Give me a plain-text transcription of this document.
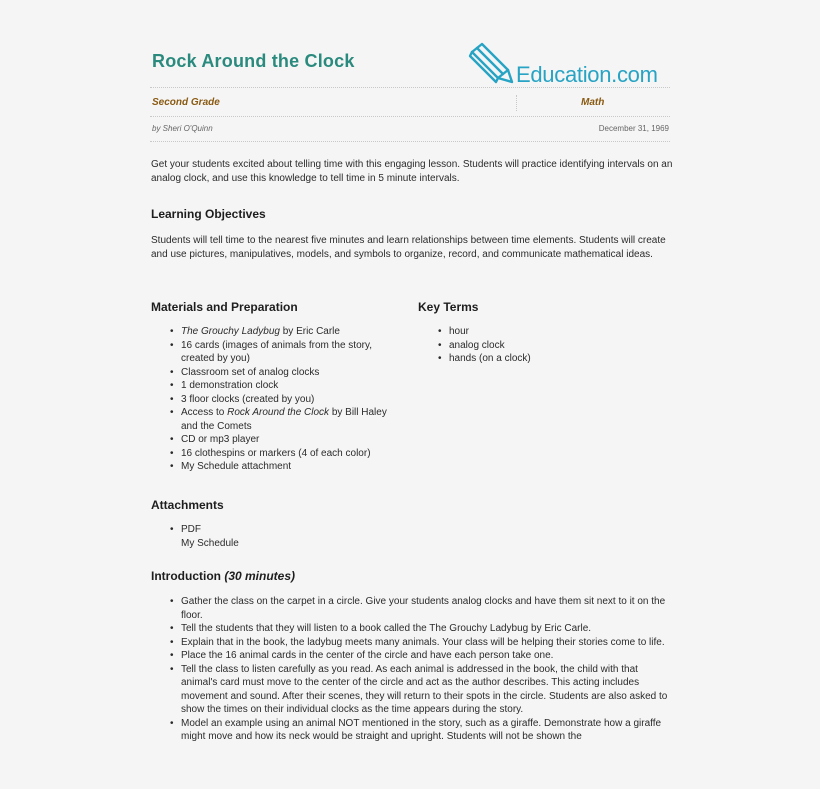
Rock Around the Clock
Education.com
Second Grade	Math
by Sheri O'Quinn	December 31, 1969
Get your students excited about telling time with this engaging lesson. Students will practice identifying intervals on an analog clock, and use this knowledge to tell time in 5 minute intervals.
Learning Objectives
Students will tell time to the nearest five minutes and learn relationships between time elements. Students will create and use pictures, manipulatives, models, and symbols to organize, record, and communicate mathematical ideas.
Materials and Preparation
• The Grouchy Ladybug by Eric Carle
• 16 cards (images of animals from the story, created by you)
• Classroom set of analog clocks
• 1 demonstration clock
• 3 floor clocks (created by you)
• Access to Rock Around the Clock by Bill Haley and the Comets
• CD or mp3 player
• 16 clothespins or markers (4 of each color)
• My Schedule attachment
Key Terms
• hour
• analog clock
• hands (on a clock)
Attachments
• PDF
My Schedule
Introduction (30 minutes)
• Gather the class on the carpet in a circle. Give your students analog clocks and have them sit next to it on the floor.
• Tell the students that they will listen to a book called the The Grouchy Ladybug by Eric Carle.
• Explain that in the book, the ladybug meets many animals. Your class will be helping their stories come to life.
• Place the 16 animal cards in the center of the circle and have each person take one.
• Tell the class to listen carefully as you read. As each animal is addressed in the book, the child with that animal's card must move to the center of the circle and act as the author describes. This acting includes movement and sound. After their scenes, they will return to their spots in the circle. Students are also asked to show the times on their individual clocks as the time appears during the story.
• Model an example using an animal NOT mentioned in the story, such as a giraffe. Demonstrate how a giraffe might move and how its neck would be straight and upright. Students will not be shown the
